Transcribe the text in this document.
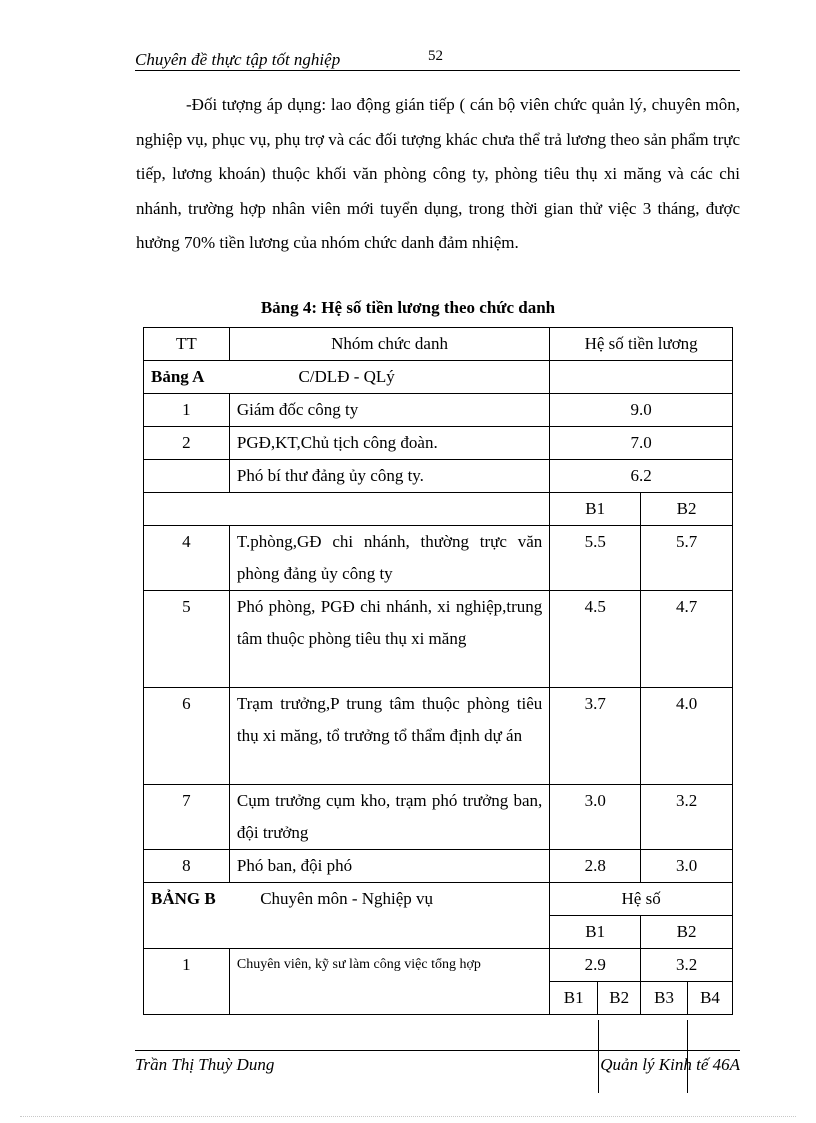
Chuyên đề thực tập tốt nghiệp	52
-Đối tượng áp dụng: lao động gián tiếp ( cán bộ viên chức quản lý, chuyên môn, nghiệp vụ, phục vụ, phụ trợ và các đối tượng khác chưa thể trả lương theo sản phẩm trực tiếp, lương khoán) thuộc khối văn phòng công ty, phòng tiêu thụ xi măng và các chi nhánh, trường hợp nhân viên mới tuyển dụng, trong thời gian thử việc 3 tháng, được hưởng 70% tiền lương của nhóm chức danh đảm nhiệm.
Bảng 4: Hệ số tiền lương theo chức danh
TT	Nhóm chức danh	Hệ số tiền lương			

Bảng A C/DLĐ - QLý					

1	Giám đốc công ty	9.0			
2	PGĐ,KT,Chủ tịch công đoàn.	7.0			
	Phó bí thư đảng ủy công ty.	6.2			
		B1		B2	
4	T.phòng,GĐ chi nhánh, thường trực văn phòng đảng ủy công ty	5.5		5.7	
5	Phó phòng, PGĐ chi nhánh, xi nghiệp,trung tâm thuộc phòng tiêu thụ xi măng	4.5		4.7	
6	Trạm trưởng,P trung tâm thuộc phòng tiêu thụ xi măng, tổ trưởng tổ thẩm định dự án	3.7		4.0	
7	Cụm trưởng cụm kho, trạm phó trưởng ban, đội trưởng	3.0		3.2	
8	Phó ban, đội phó	2.8		3.0	

BẢNG B Chuyên môn - Nghiệp vụ		Hệ số			
		B1		B2	
1	Chuyên viên, kỹ sư làm công việc tổng hợp	2.9		3.2	
		B1	B2	B3	B4
Trần Thị Thuỳ Dung	Quản lý Kinh tế 46A
